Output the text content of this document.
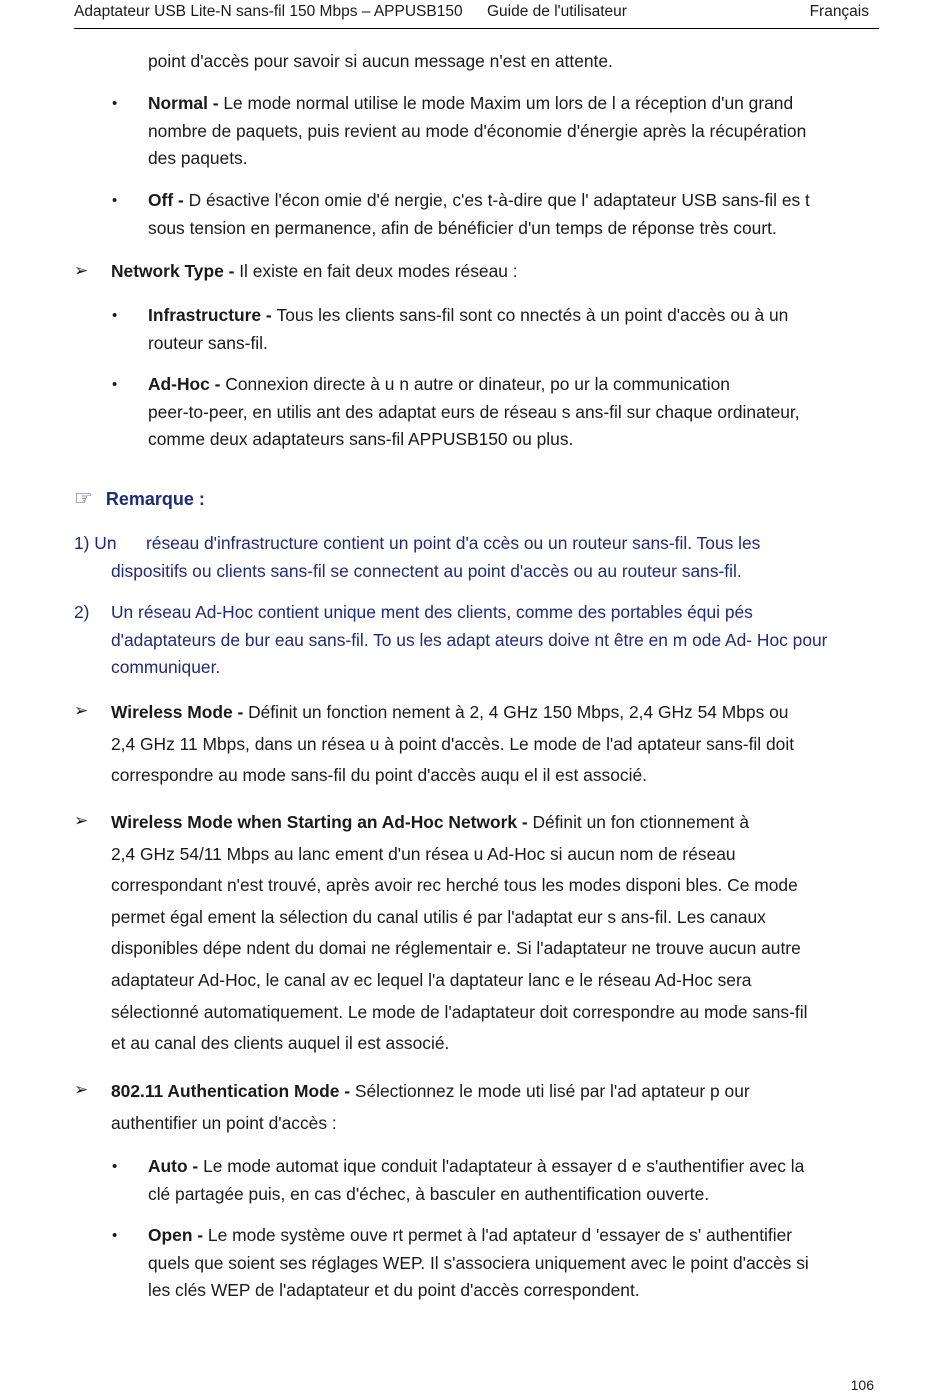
Adaptateur USB Lite-N sans-fil 150 Mbps – APPUSB150 Guide de l'utilisateur	Français
point d'accès pour savoir si aucun message n'est en attente.
• Normal - Le mode normal utilise le mode Maxim um lors de l a réception d'un grand
nombre de paquets, puis revient au mode d'économie d'énergie après la récupération
des paquets.
• Off - D ésactive l'écon omie d'é nergie, c'es t-à-dire que l' adaptateur USB sans-fil es t
sous tension en permanence, afin de bénéficier d'un temps de réponse très court.
➢ Network Type - Il existe en fait deux modes réseau :
• Infrastructure - Tous les clients sans-fil sont co nnectés à un point d'accès ou à un
routeur sans-fil.
• Ad-Hoc - Connexion directe à u n autre or dinateur, po ur la communication
peer-to-peer, en utilis ant des adaptat eurs de réseau s ans-fil sur chaque ordinateur,
comme deux adaptateurs sans-fil APPUSB150 ou plus.
☞ Remarque :
1) Un réseau d'infrastructure contient un point d'a ccès ou un routeur sans-fil. Tous les
dispositifs ou clients sans-fil se connectent au point d'accès ou au routeur sans-fil.
2) Un réseau Ad-Hoc contient unique ment des clients, comme des portables équi pés
d'adaptateurs de bur eau sans-fil. To us les adapt ateurs doive nt être en m ode Ad- Hoc pour
communiquer.
➢ Wireless Mode - Définit un fonction nement à 2, 4 GHz 150 Mbps, 2,4 GHz 54 Mbps ou
2,4 GHz 11 Mbps, dans un résea u à point d'accès. Le mode de l'ad aptateur sans-fil doit
correspondre au mode sans-fil du point d'accès auqu el il est associé.
➢ Wireless Mode when Starting an Ad-Hoc Network - Définit un fon ctionnement à
2,4 GHz 54/11 Mbps au lanc ement d'un résea u Ad-Hoc si aucun nom de réseau
correspondant n'est trouvé, après avoir rec herché tous les modes disponi bles. Ce mode
permet égal ement la sélection du canal utilis é par l'adaptat eur s ans-fil. Les canaux
disponibles dépe ndent du domai ne réglementair e. Si l'adaptateur ne trouve aucun autre
adaptateur Ad-Hoc, le canal av ec lequel l'a daptateur lanc e le réseau Ad-Hoc sera
sélectionné automatiquement. Le mode de l'adaptateur doit correspondre au mode sans-fil
et au canal des clients auquel il est associé.
➢ 802.11 Authentication Mode - Sélectionnez le mode uti lisé par l'ad aptateur p our
authentifier un point d'accès :
• Auto - Le mode automat ique conduit l'adaptateur à essayer d e s'authentifier avec la
clé partagée puis, en cas d'échec, à basculer en authentification ouverte.
• Open - Le mode système ouve rt permet à l'ad aptateur d 'essayer de s' authentifier
quels que soient ses réglages WEP. Il s'associera uniquement avec le point d'accès si
les clés WEP de l'adaptateur et du point d'accès correspondent.
106
